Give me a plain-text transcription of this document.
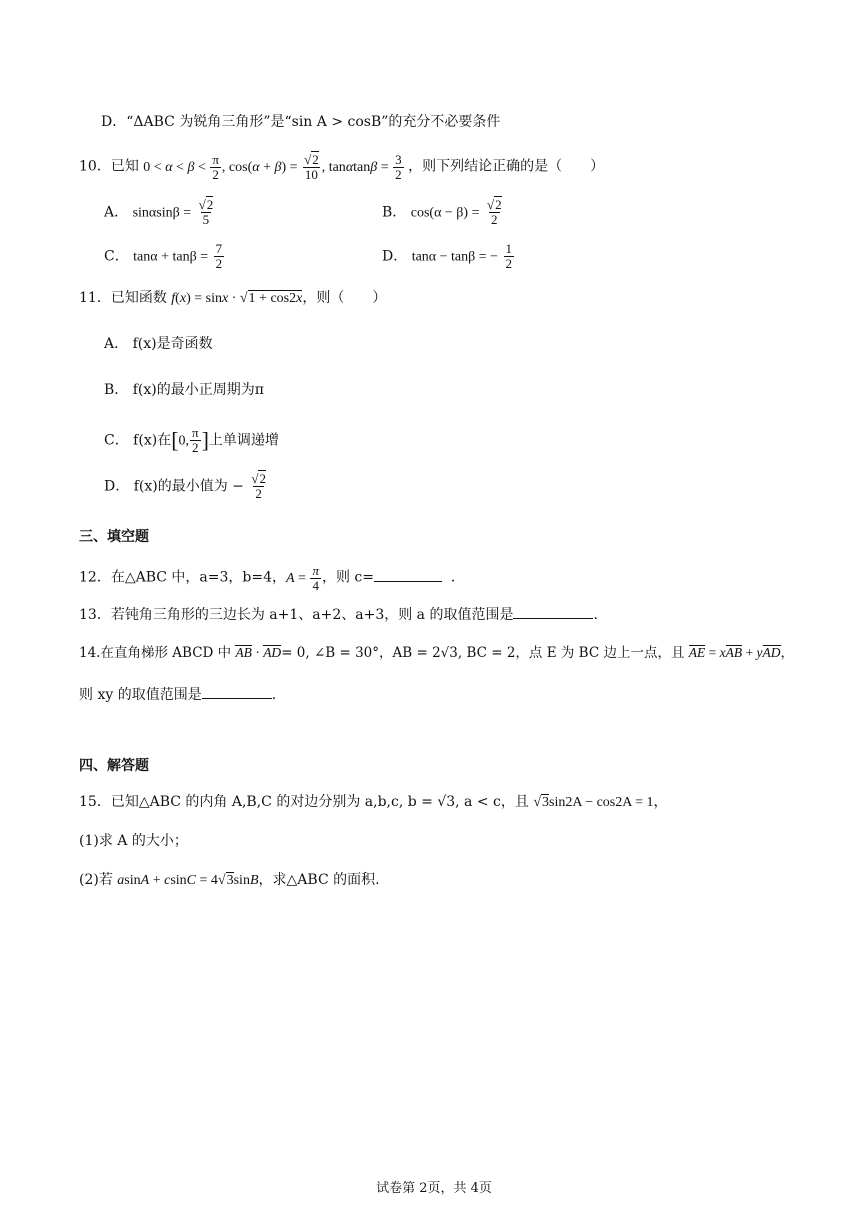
D．“ΔABC 为锐角三角形”是“sin A > cosB”的充分不必要条件
10．已知 $0 < \alpha < \beta < \frac{\pi}{2}$ , $\cos(\alpha + \beta) = \frac{√2}{10}$ , $\tan\alpha\tan\beta = \frac{3}{2}$ ，则下列结论正确的是（　　）
A． $\sin\alpha\sin\beta = \frac{√2}{5}$	B． $\cos(\alpha - \beta) = \frac{√2}{2}$
C． $\tan\alpha + \tan\beta = \frac{7}{2}$	D． tanα − tanβ = − $\frac{1}{2}$
11．已知函数 f(x) = sinx · √1 + cos2x，则（　　）
A． f(x)是奇函数
B． f(x)的最小正周期为π
C． f(x)在[0, $\frac{\pi}{2}$ ]上单调递增
D． f(x)的最小值为 − $\frac{√2}{2}$
三、填空题
12．在△ABC 中，a=3，b=4，$A = \frac{\pi}{4}$ ，则 c=	．
13．若钝角三角形的三边长为 a+1、a+2、a+3，则 a 的取值范围是	.
14.在直角梯形 ABCD 中 AB · AD= 0, ∠B = 30°，AB = 2√3, BC = 2，点 E 为 BC 边上一点，且 AE = xAB + yAD，
则 xy 的取值范围是	.
四、解答题
15．已知△ABC 的内角 A,B,C 的对边分别为 a,b,c, b = √3, a < c，且 √3sin2A − cos2A = 1，
(1)求 A 的大小；
(2)若 asinA + csinC = 4√3sinB，求△ABC 的面积.
试卷第 2页，共 4页
